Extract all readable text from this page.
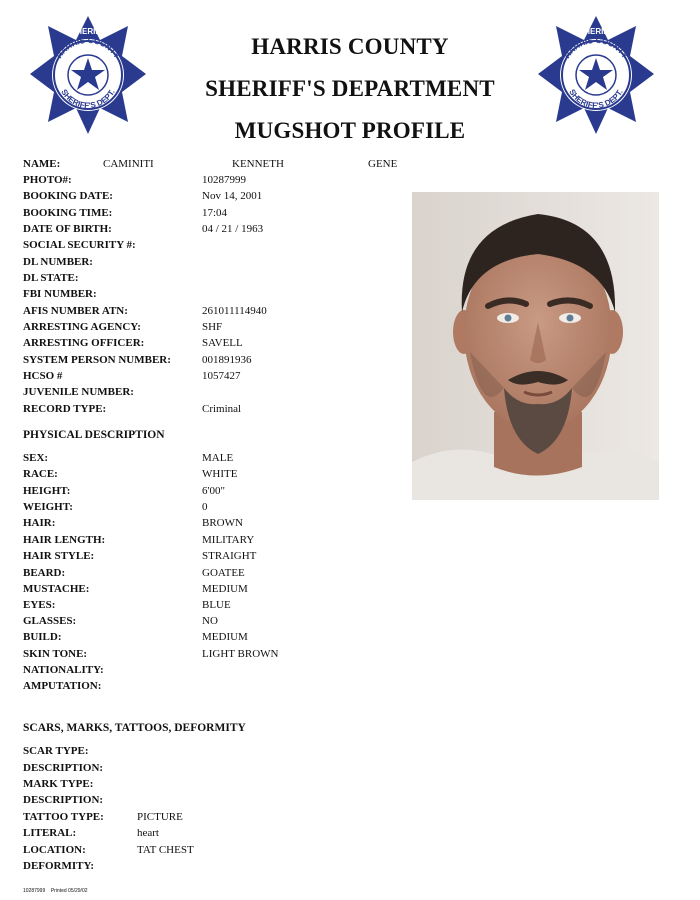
HARRIS COUNTY
SHERIFF'S DEPT.
SHERIFF
HARRIS COUNTY
SHERIFF'S DEPT.
SHERIFF
HARRIS COUNTY
SHERIFF'S DEPARTMENT
MUGSHOT PROFILE
NAME:	CAMINITI	KENNETH	GENE
PHOTO#:	10287999
BOOKING DATE:	Nov 14, 2001
BOOKING TIME:	17:04
DATE OF BIRTH:	04 / 21 / 1963
SOCIAL SECURITY #:
DL NUMBER:
DL STATE:
FBI NUMBER:
AFIS NUMBER ATN:	261011114940
ARRESTING AGENCY:	SHF
ARRESTING OFFICER:	SAVELL
SYSTEM PERSON NUMBER:	001891936
HCSO #	1057427
JUVENILE NUMBER:
RECORD TYPE:	Criminal
PHYSICAL DESCRIPTION
SEX:	MALE
RACE:	WHITE
HEIGHT:	6'00"
WEIGHT:	0
HAIR:	BROWN
HAIR LENGTH:	MILITARY
HAIR STYLE:	STRAIGHT
BEARD:	GOATEE
MUSTACHE:	MEDIUM
EYES:	BLUE
GLASSES:	NO
BUILD:	MEDIUM
SKIN TONE:	LIGHT BROWN
NATIONALITY:
AMPUTATION:
SCARS, MARKS, TATTOOS, DEFORMITY
SCAR TYPE:
DESCRIPTION:
MARK TYPE:
DESCRIPTION:
TATTOO TYPE:	PICTURE
LITERAL:	heart
LOCATION:	TAT CHEST
DEFORMITY:
10287999 Printed 05/29/02
